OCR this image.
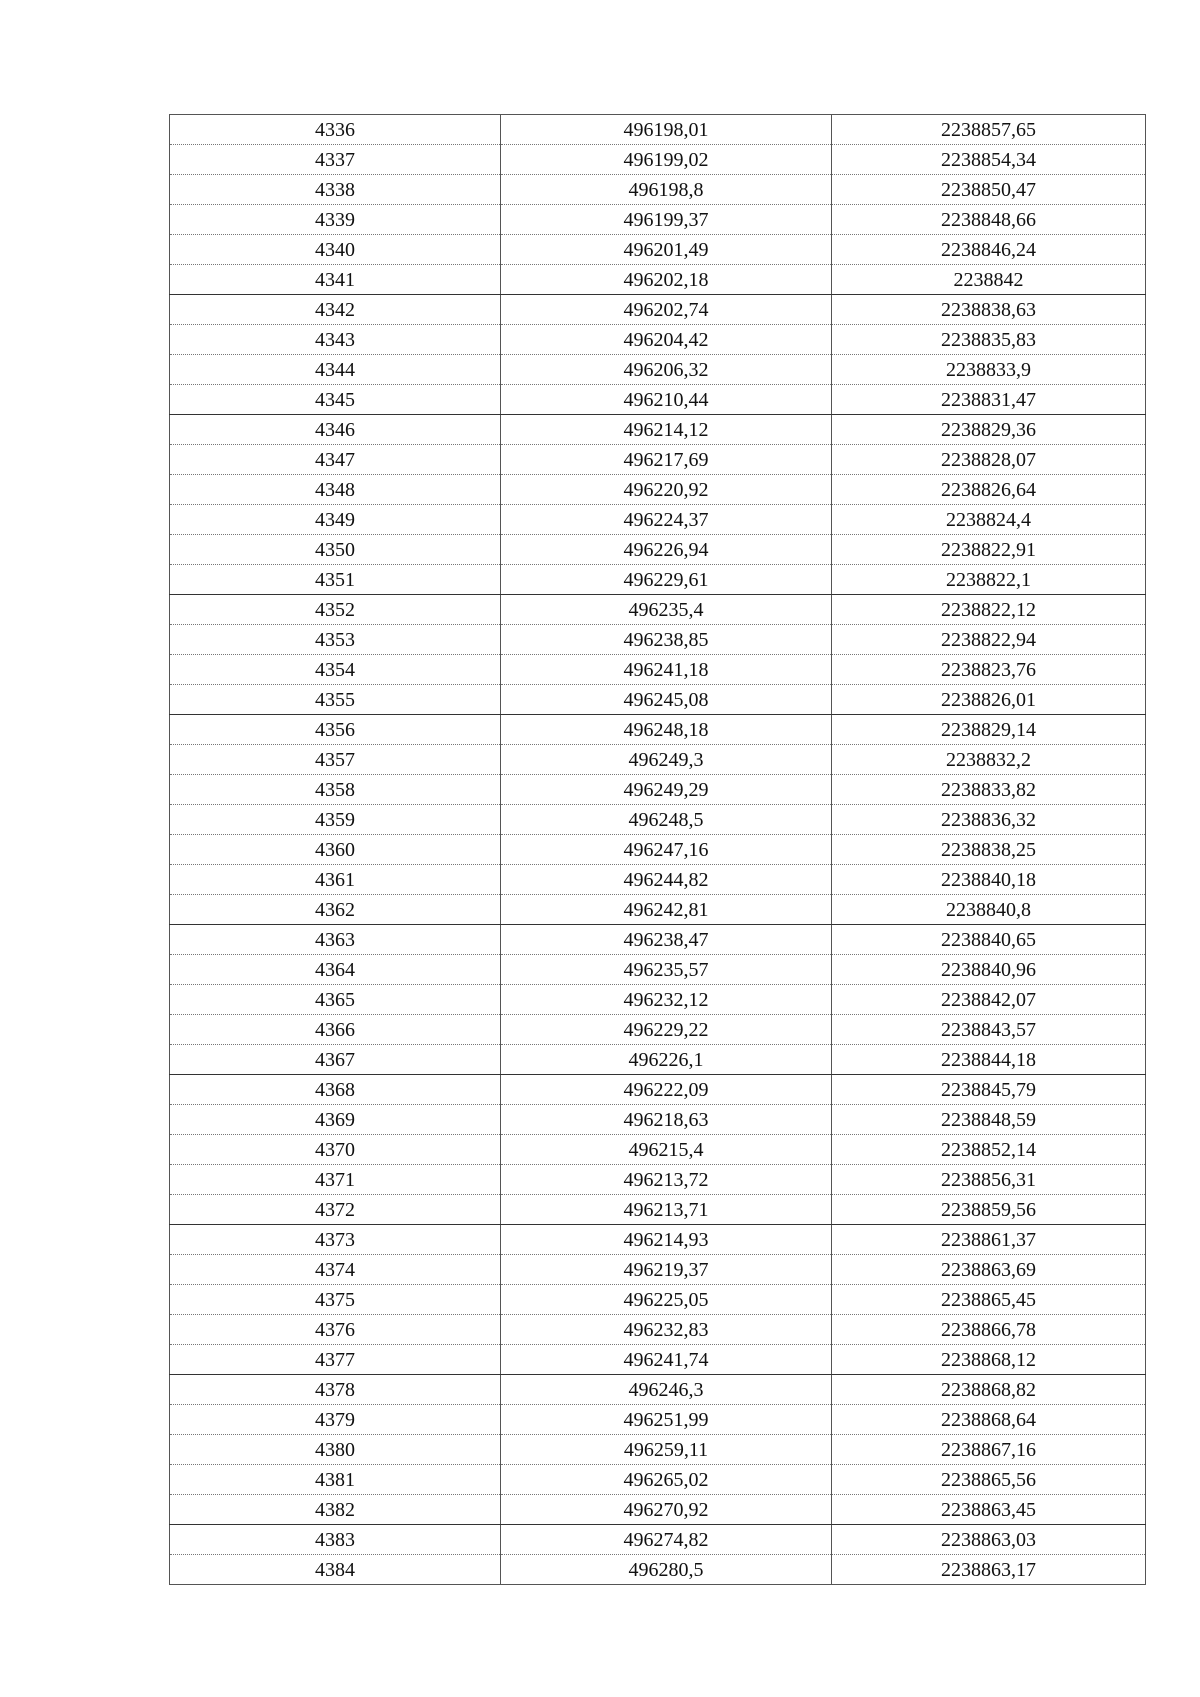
4336	496198,01	2238857,65
4337	496199,02	2238854,34
4338	496198,8	2238850,47
4339	496199,37	2238848,66
4340	496201,49	2238846,24
4341	496202,18	2238842
4342	496202,74	2238838,63
4343	496204,42	2238835,83
4344	496206,32	2238833,9
4345	496210,44	2238831,47
4346	496214,12	2238829,36
4347	496217,69	2238828,07
4348	496220,92	2238826,64
4349	496224,37	2238824,4
4350	496226,94	2238822,91
4351	496229,61	2238822,1
4352	496235,4	2238822,12
4353	496238,85	2238822,94
4354	496241,18	2238823,76
4355	496245,08	2238826,01
4356	496248,18	2238829,14
4357	496249,3	2238832,2
4358	496249,29	2238833,82
4359	496248,5	2238836,32
4360	496247,16	2238838,25
4361	496244,82	2238840,18
4362	496242,81	2238840,8
4363	496238,47	2238840,65
4364	496235,57	2238840,96
4365	496232,12	2238842,07
4366	496229,22	2238843,57
4367	496226,1	2238844,18
4368	496222,09	2238845,79
4369	496218,63	2238848,59
4370	496215,4	2238852,14
4371	496213,72	2238856,31
4372	496213,71	2238859,56
4373	496214,93	2238861,37
4374	496219,37	2238863,69
4375	496225,05	2238865,45
4376	496232,83	2238866,78
4377	496241,74	2238868,12
4378	496246,3	2238868,82
4379	496251,99	2238868,64
4380	496259,11	2238867,16
4381	496265,02	2238865,56
4382	496270,92	2238863,45
4383	496274,82	2238863,03
4384	496280,5	2238863,17
